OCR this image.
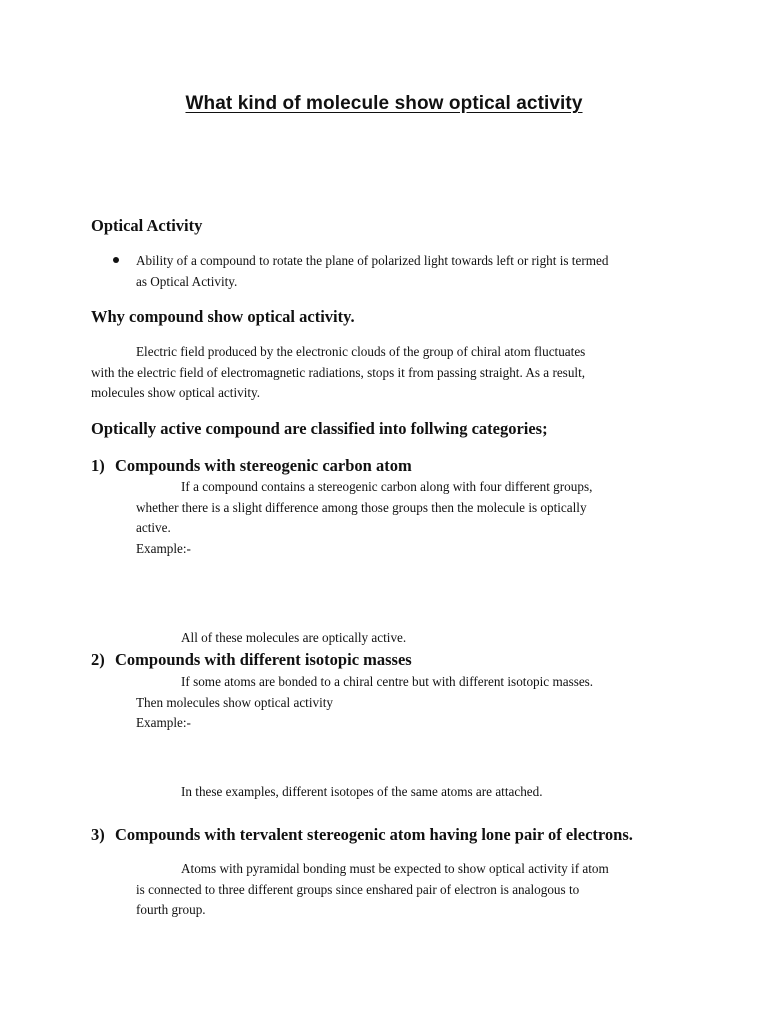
What kind of molecule show optical activity
Optical Activity
Ability of a compound to rotate the plane of polarized light towards left or right is termed
as Optical Activity.
Why compound show optical activity.
Electric field produced by the electronic clouds of the group of chiral atom fluctuates
with the electric field of electromagnetic radiations, stops it from passing straight. As a result,
molecules show optical activity.
Optically active compound are classified into follwing categories;
1) Compounds with stereogenic carbon atom
If a compound contains a stereogenic carbon along with four different groups,
whether there is a slight difference among those groups then the molecule is optically
active.
Example:-
All of these molecules are optically active.
2) Compounds with different isotopic masses
If some atoms are bonded to a chiral centre but with different isotopic masses.
Then molecules show optical activity
Example:-
In these examples, different isotopes of the same atoms are attached.
3) Compounds with tervalent stereogenic atom having lone pair of electrons.
Atoms with pyramidal bonding must be expected to show optical activity if atom
is connected to three different groups since enshared pair of electron is analogous to
fourth group.
